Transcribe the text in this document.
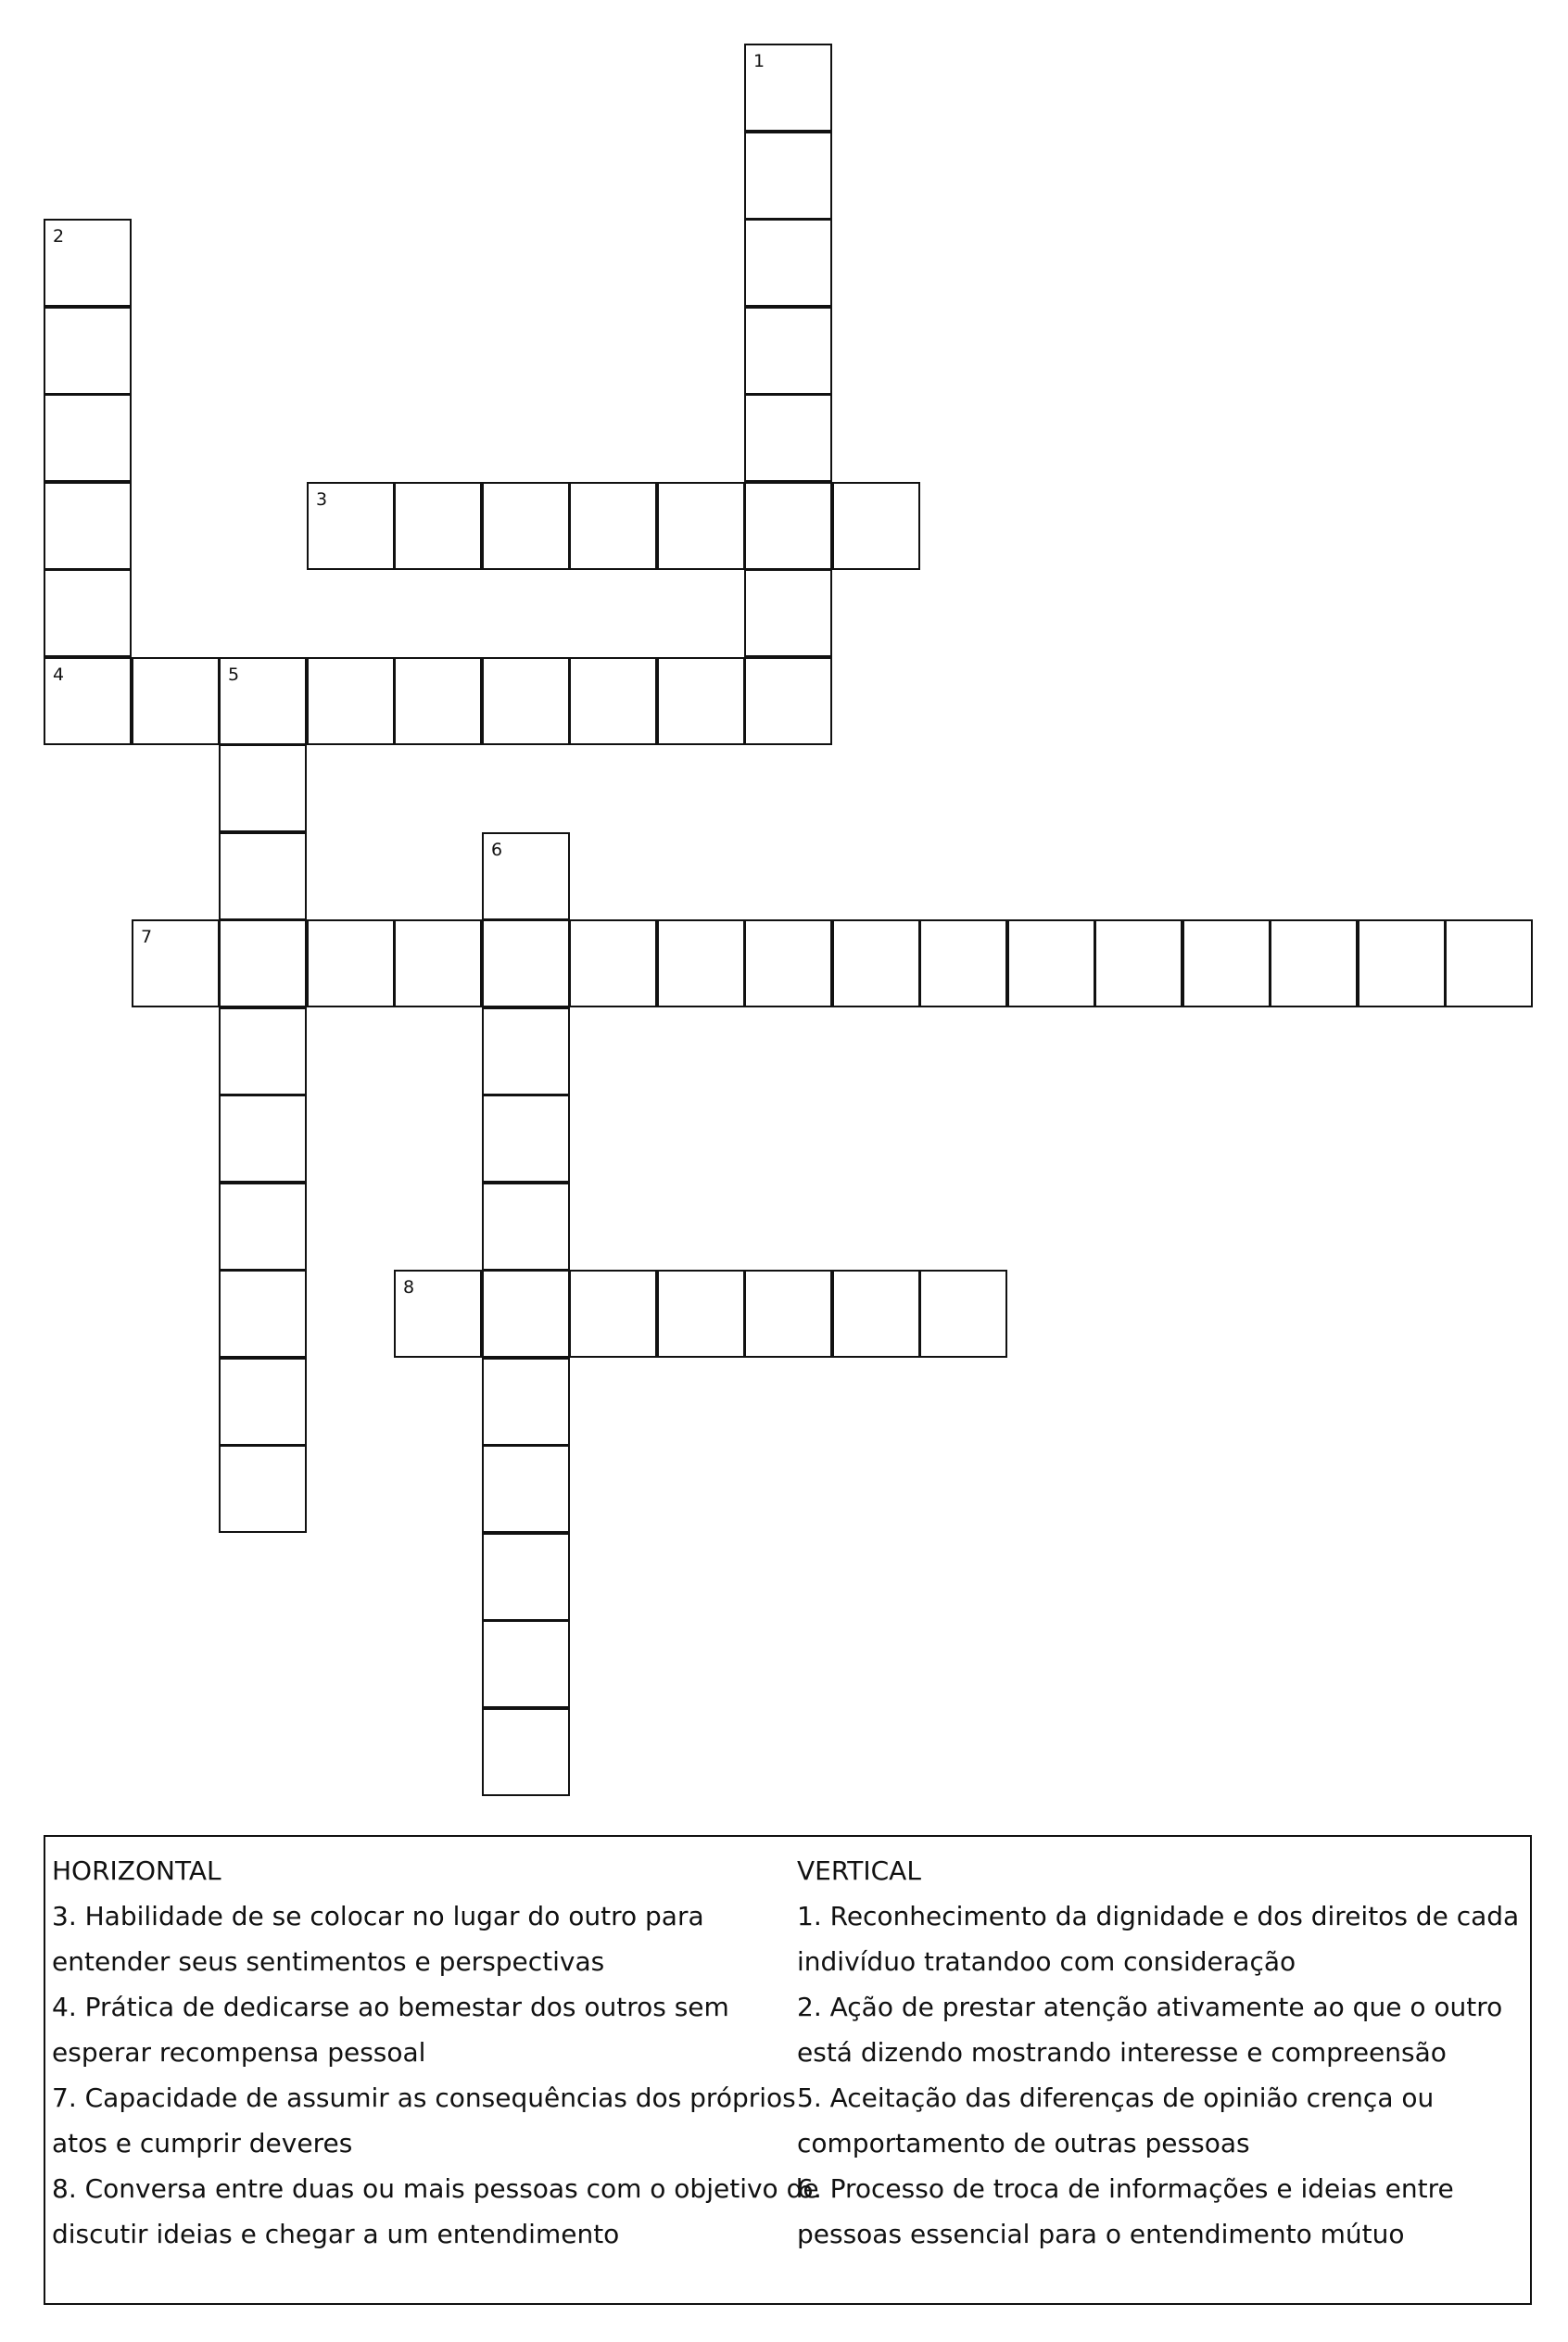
1
2
4
3
5
6
7
8
HORIZONTAL
3. Habilidade de se colocar no lugar do outro para
entender seus sentimentos e perspectivas
4. Prática de dedicarse ao bemestar dos outros sem
esperar recompensa pessoal
7. Capacidade de assumir as consequências dos próprios
atos e cumprir deveres
8. Conversa entre duas ou mais pessoas com o objetivo de
discutir ideias e chegar a um entendimento
VERTICAL
1. Reconhecimento da dignidade e dos direitos de cada
indivíduo tratandoo com consideração
2. Ação de prestar atenção ativamente ao que o outro
está dizendo mostrando interesse e compreensão
5. Aceitação das diferenças de opinião crença ou
comportamento de outras pessoas
6. Processo de troca de informações e ideias entre
pessoas essencial para o entendimento mútuo
